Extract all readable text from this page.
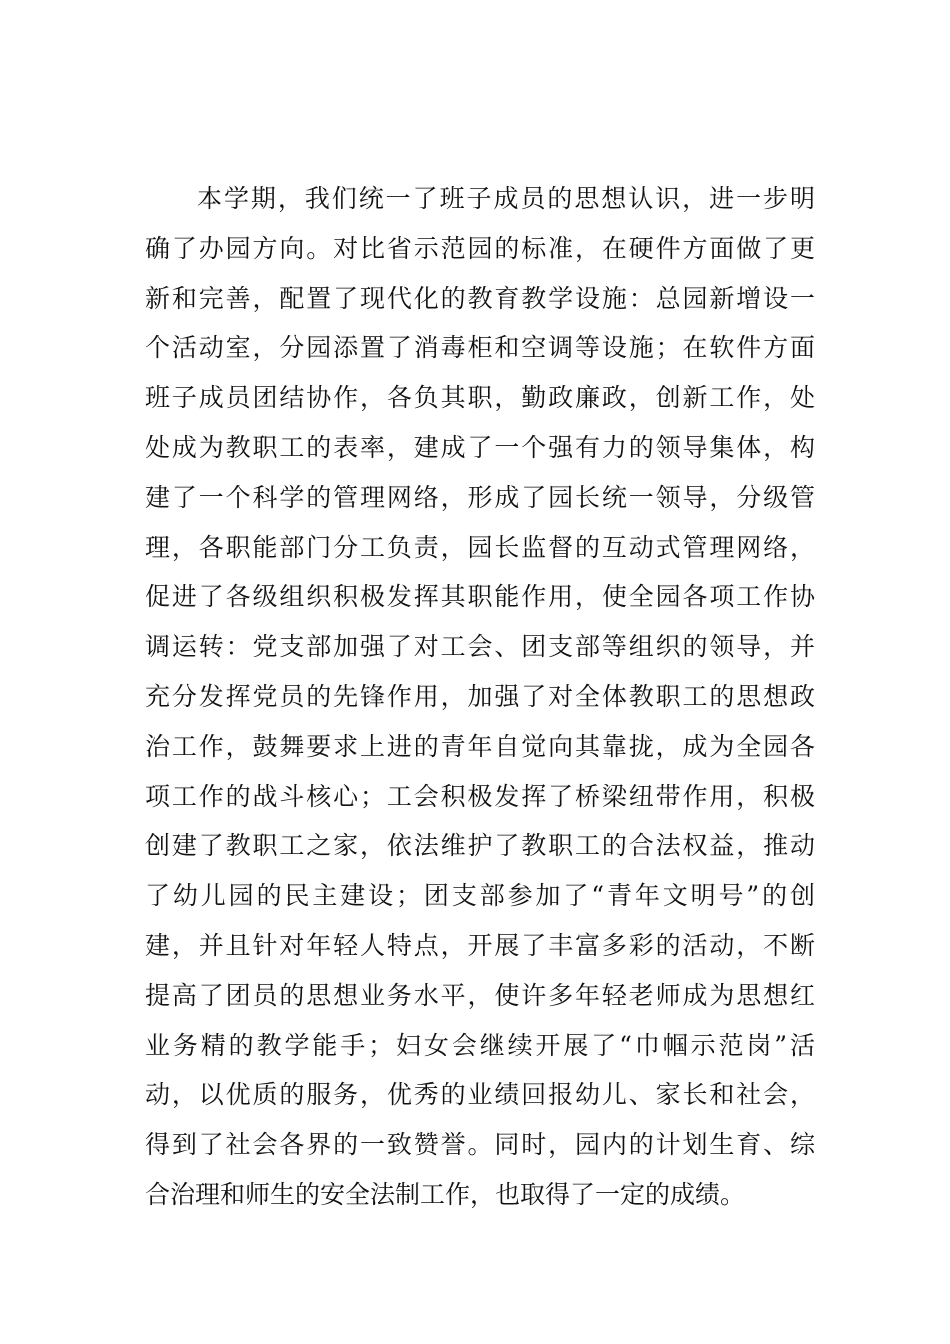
本学期，我们统一了班子成员的思想认识，进一步明
确了办园方向。对比省示范园的标准，在硬件方面做了更
新和完善，配置了现代化的教育教学设施：总园新增设一
个活动室，分园添置了消毒柜和空调等设施；在软件方面
班子成员团结协作，各负其职，勤政廉政，创新工作，处
处成为教职工的表率，建成了一个强有力的领导集体，构
建了一个科学的管理网络，形成了园长统一领导，分级管
理，各职能部门分工负责，园长监督的互动式管理网络，
促进了各级组织积极发挥其职能作用，使全园各项工作协
调运转：党支部加强了对工会、团支部等组织的领导，并
充分发挥党员的先锋作用，加强了对全体教职工的思想政
治工作，鼓舞要求上进的青年自觉向其靠拢，成为全园各
项工作的战斗核心；工会积极发挥了桥梁纽带作用，积极
创建了教职工之家，依法维护了教职工的合法权益，推动
了幼儿园的民主建设；团支部参加了“青年文明号”的创
建，并且针对年轻人特点，开展了丰富多彩的活动，不断
提高了团员的思想业务水平，使许多年轻老师成为思想红
业务精的教学能手；妇女会继续开展了“巾帼示范岗”活
动，以优质的服务，优秀的业绩回报幼儿、家长和社会，
得到了社会各界的一致赞誉。同时，园内的计划生育、综
合治理和师生的安全法制工作，也取得了一定的成绩。
